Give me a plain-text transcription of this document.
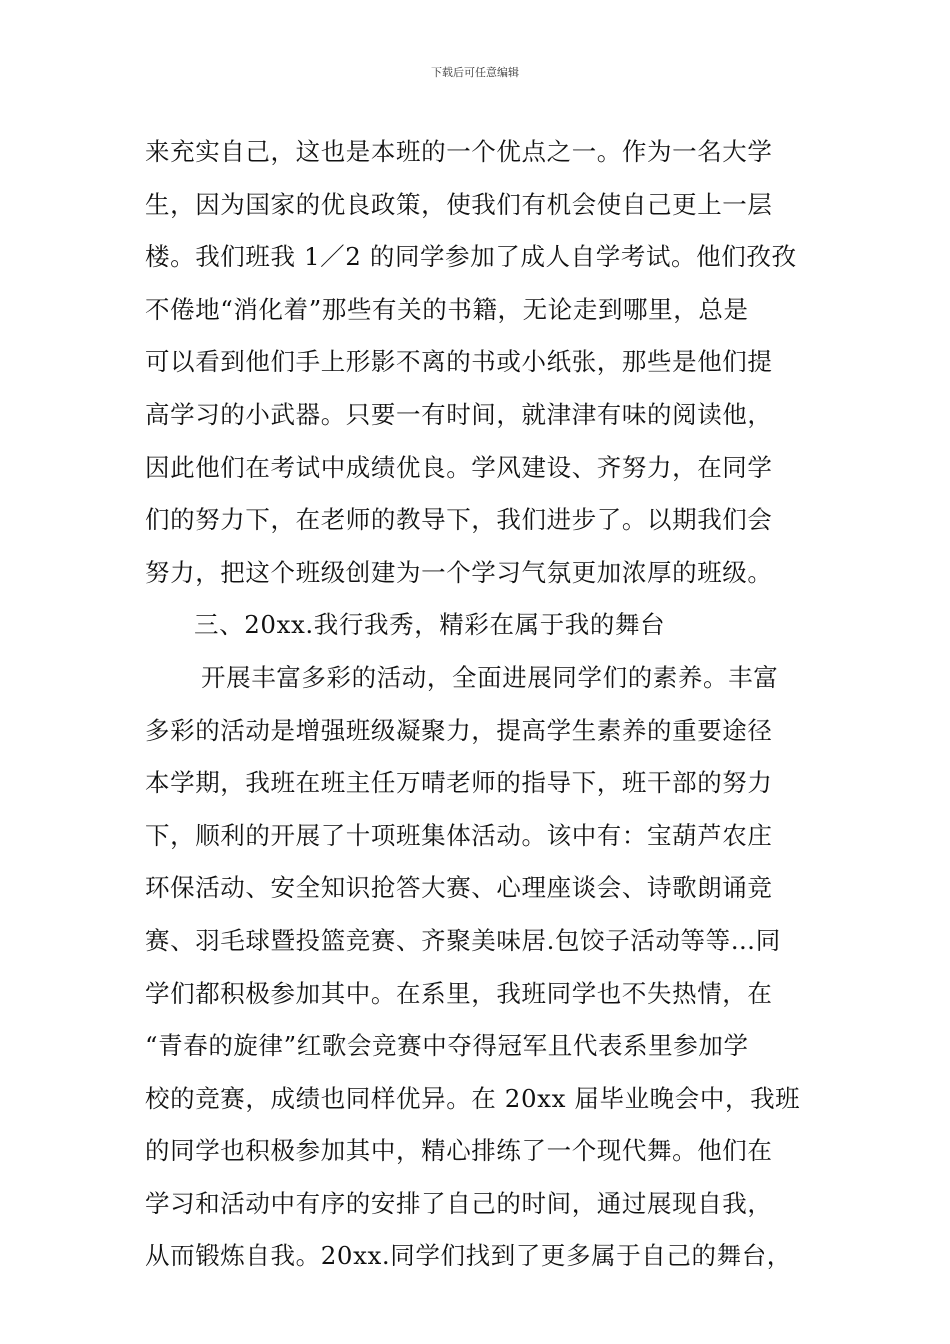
下载后可任意编辑
来充实自己，这也是本班的一个优点之一。作为一名大学
生，因为国家的优良政策，使我们有机会使自己更上一层
楼。我们班我 1／2 的同学参加了成人自学考试。他们孜孜
不倦地“消化着”那些有关的书籍，无论走到哪里，总是
可以看到他们手上形影不离的书或小纸张，那些是他们提
高学习的小武器。只要一有时间，就津津有味的阅读他，
因此他们在考试中成绩优良。学风建设、齐努力，在同学
们的努力下，在老师的教导下，我们进步了。以期我们会
努力，把这个班级创建为一个学习气氛更加浓厚的班级。
三、20xx.我行我秀，精彩在属于我的舞台
开展丰富多彩的活动，全面进展同学们的素养。丰富
多彩的活动是增强班级凝聚力，提高学生素养的重要途径
本学期，我班在班主任万晴老师的指导下，班干部的努力
下，顺利的开展了十项班集体活动。该中有：宝葫芦农庄
环保活动、安全知识抢答大赛、心理座谈会、诗歌朗诵竞
赛、羽毛球暨投篮竞赛、齐聚美味居.包饺子活动等等…同
学们都积极参加其中。在系里，我班同学也不失热情，在
“青春的旋律”红歌会竞赛中夺得冠军且代表系里参加学
校的竞赛，成绩也同样优异。在 20xx 届毕业晚会中，我班
的同学也积极参加其中，精心排练了一个现代舞。他们在
学习和活动中有序的安排了自己的时间，通过展现自我，
从而锻炼自我。20xx.同学们找到了更多属于自己的舞台，
